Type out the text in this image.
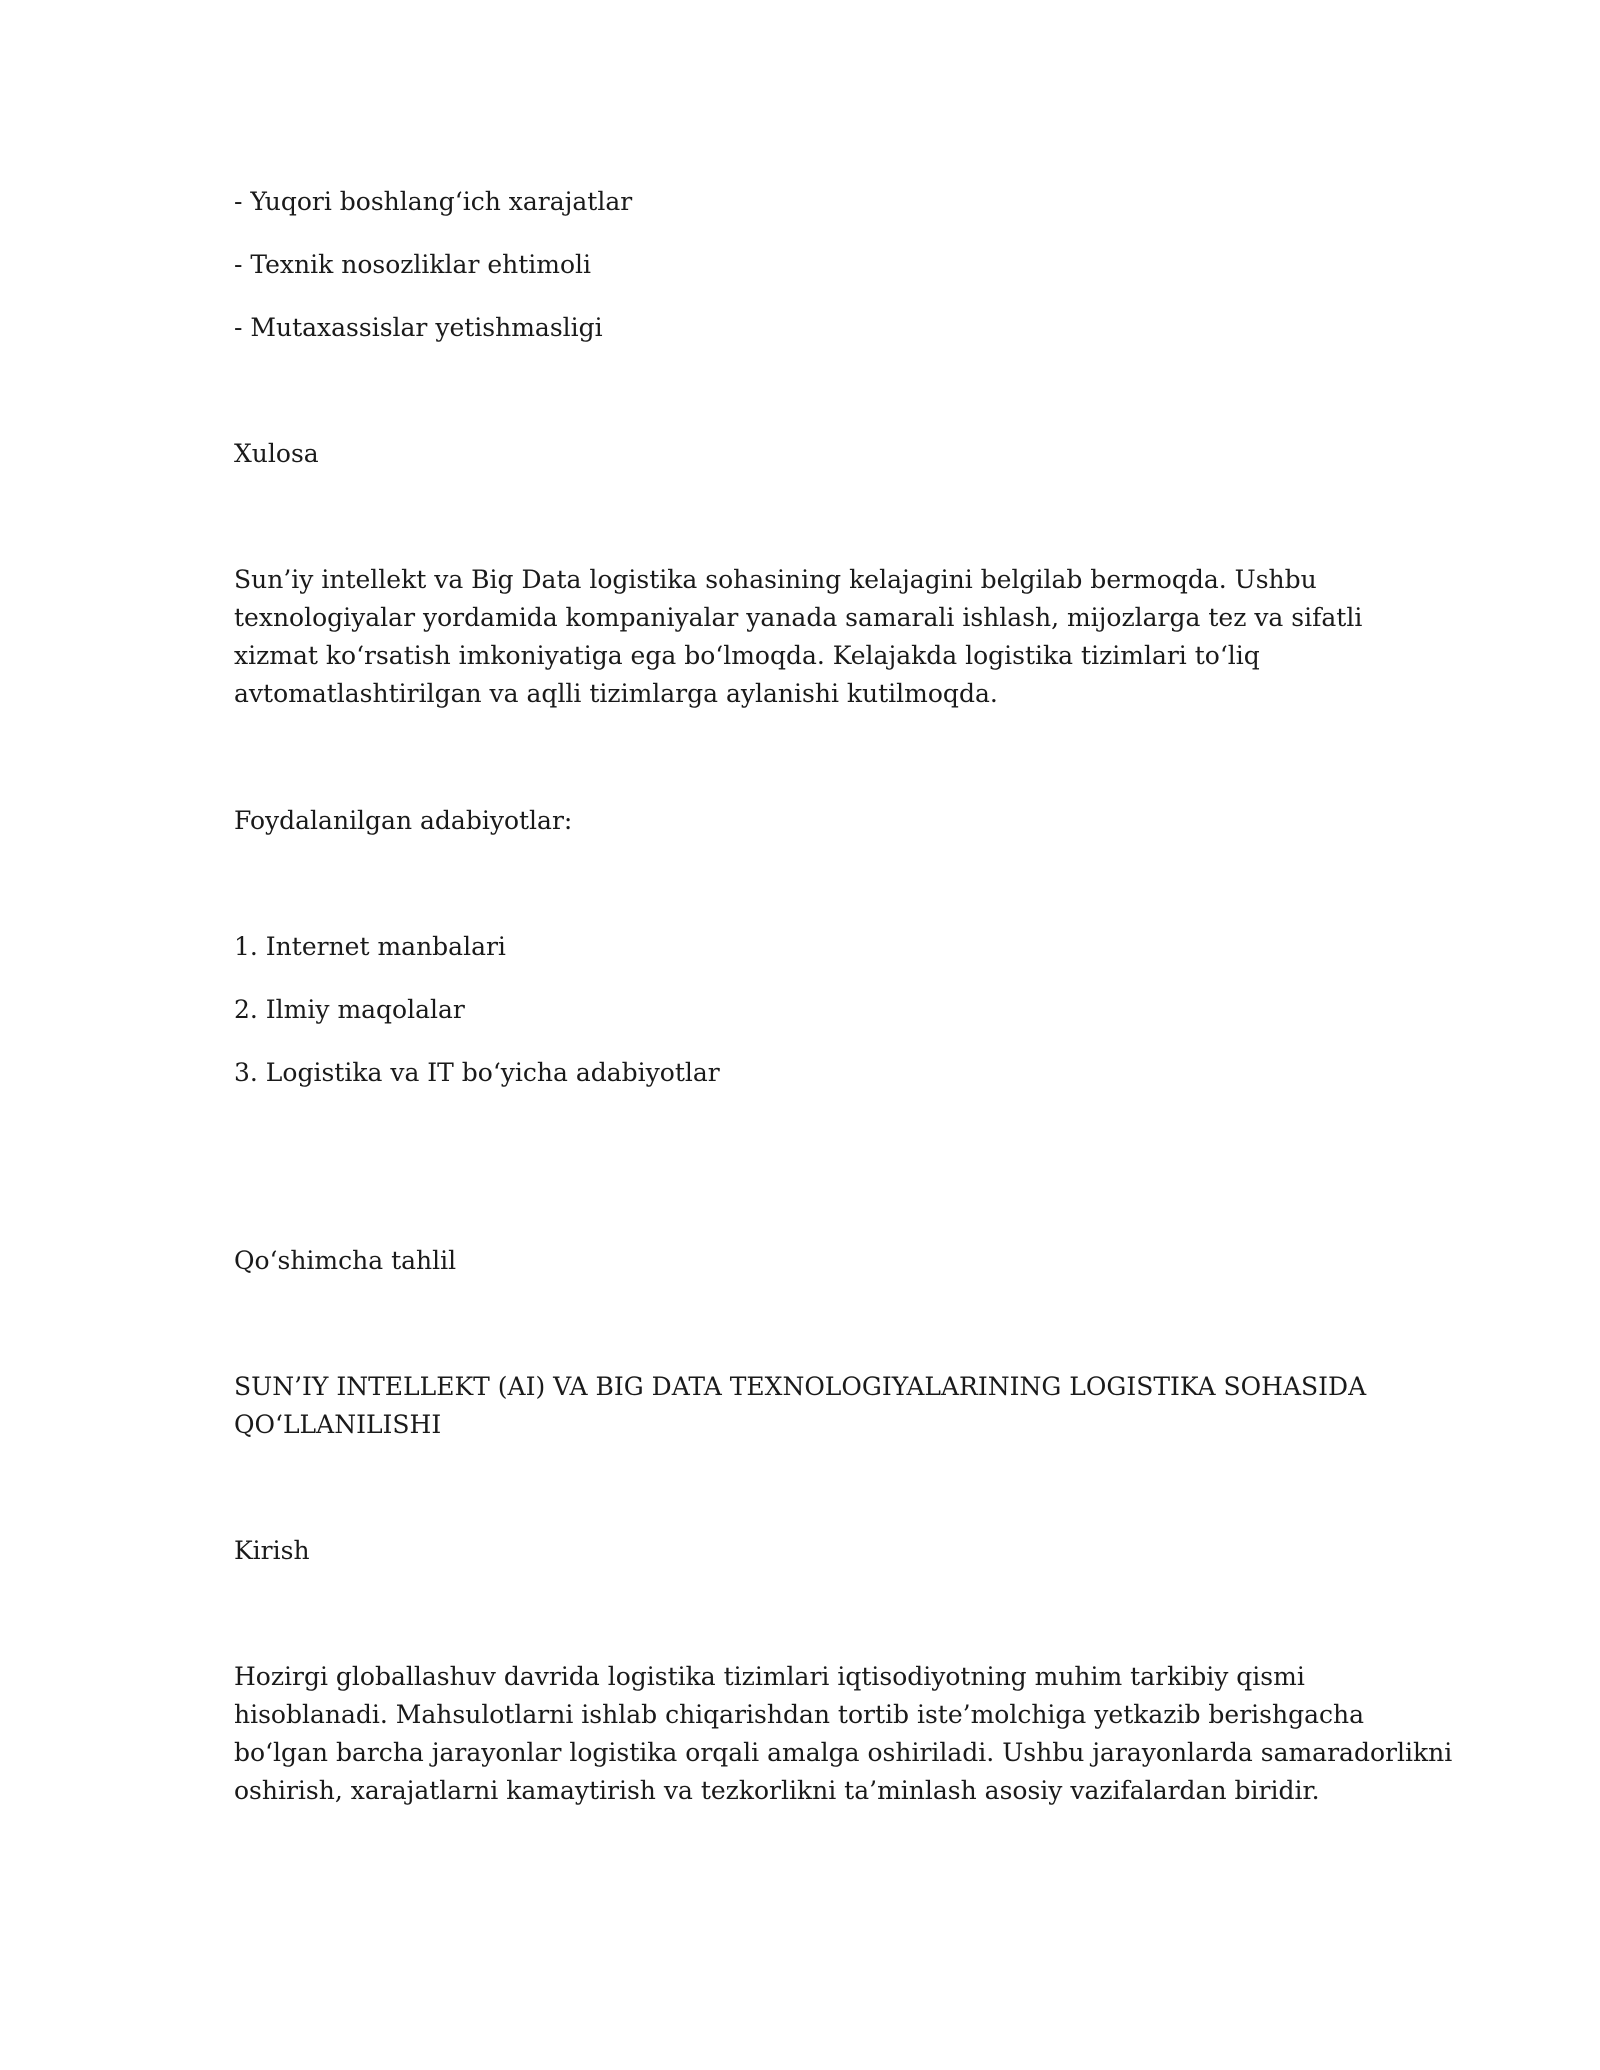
- Yuqori boshlang‘ich xarajatlar
- Texnik nosozliklar ehtimoli
- Mutaxassislar yetishmasligi
Xulosa
Sun’iy intellekt va Big Data logistika sohasining kelajagini belgilab bermoqda. Ushbu
texnologiyalar yordamida kompaniyalar yanada samarali ishlash, mijozlarga tez va sifatli
xizmat ko‘rsatish imkoniyatiga ega bo‘lmoqda. Kelajakda logistika tizimlari to‘liq
avtomatlashtirilgan va aqlli tizimlarga aylanishi kutilmoqda.
Foydalanilgan adabiyotlar:
1. Internet manbalari
2. Ilmiy maqolalar
3. Logistika va IT bo‘yicha adabiyotlar
Qo‘shimcha tahlil
SUN’IY INTELLEKT (AI) VA BIG DATA TEXNOLOGIYALARINING LOGISTIKA SOHASIDA
QO‘LLANILISHI
Kirish
Hozirgi globallashuv davrida logistika tizimlari iqtisodiyotning muhim tarkibiy qismi
hisoblanadi. Mahsulotlarni ishlab chiqarishdan tortib iste’molchiga yetkazib berishgacha
bo‘lgan barcha jarayonlar logistika orqali amalga oshiriladi. Ushbu jarayonlarda samaradorlikni
oshirish, xarajatlarni kamaytirish va tezkorlikni ta’minlash asosiy vazifalardan biridir.
